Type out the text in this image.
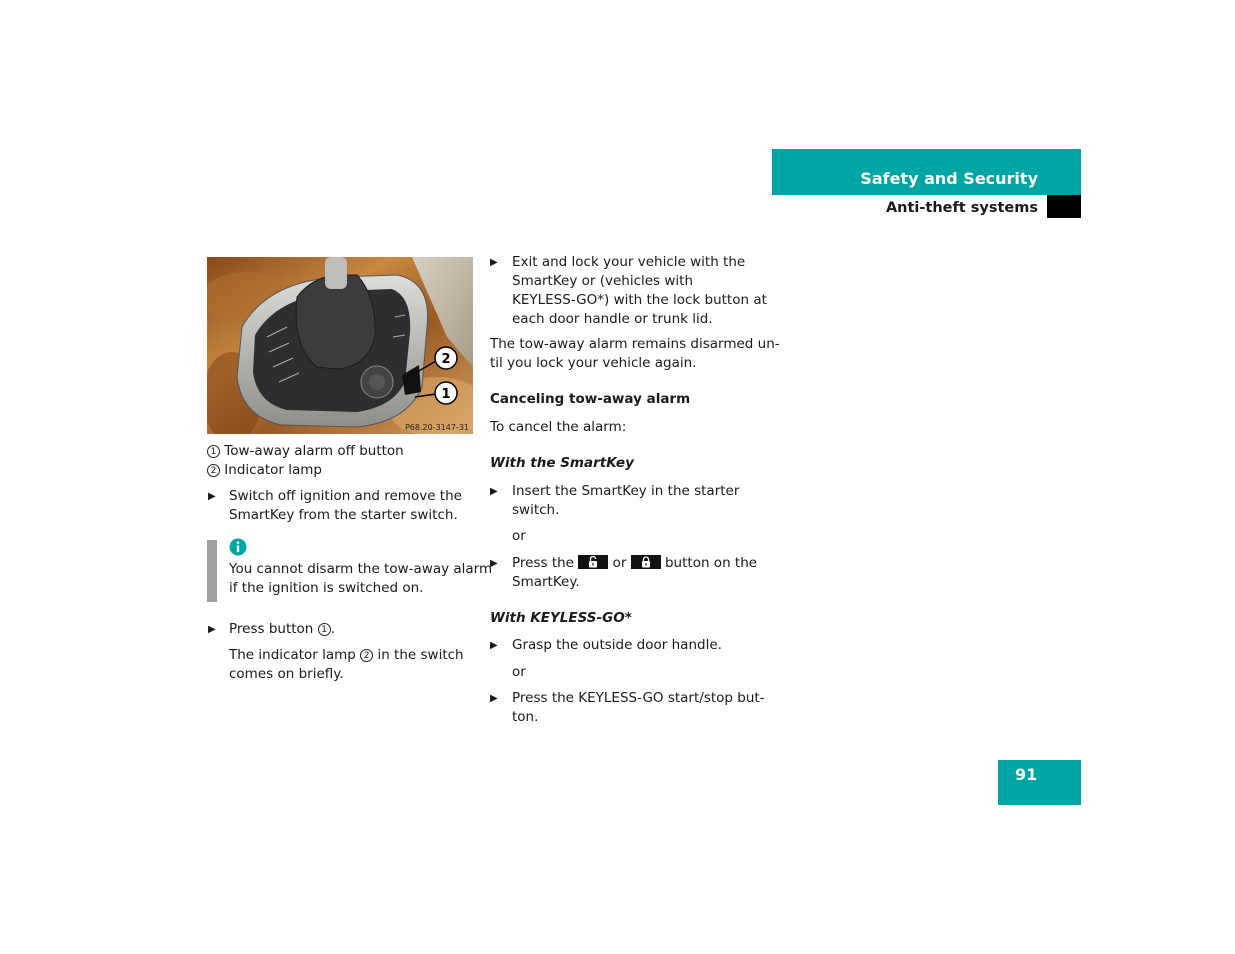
Safety and Security
Anti-theft systems
2
1
P68.20-3147-31
1 Tow-away alarm off button
2 Indicator lamp
▶ Switch off ignition and remove the
SmartKey from the starter switch.
You cannot disarm the tow-away alarm
if the ignition is switched on.
▶ Press button 1 .
The indicator lamp 2 in the switch
comes on briefly.
▶ Exit and lock your vehicle with the
SmartKey or (vehicles with
KEYLESS-GO*) with the lock button at
each door handle or trunk lid.
The tow-away alarm remains disarmed un-
til you lock your vehicle again.
Canceling tow-away alarm
To cancel the alarm:
With the SmartKey
▶ Insert the SmartKey in the starter
switch.
or
▶ Press the	or	button on the
SmartKey.
With KEYLESS-GO*
▶ Grasp the outside door handle.
or
▶ Press the KEYLESS-GO start/stop but-
ton.
91
